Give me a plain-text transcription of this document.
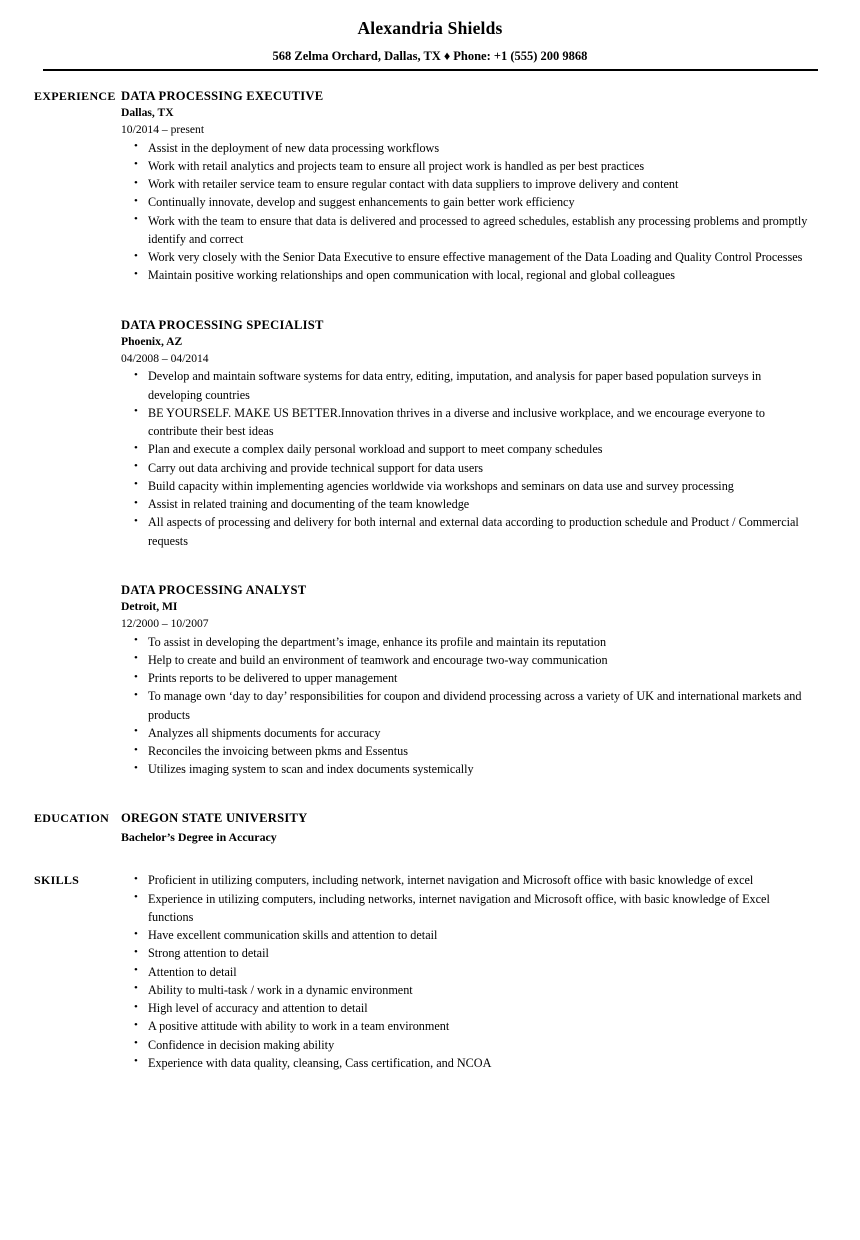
Alexandria Shields
568 Zelma Orchard, Dallas, TX ♦ Phone: +1 (555) 200 9868
EXPERIENCE DATA PROCESSING EXECUTIVE
Dallas, TX
10/2014 – present
• Assist in the deployment of new data processing workflows
• Work with retail analytics and projects team to ensure all project work is handled as per best practices
• Work with retailer service team to ensure regular contact with data suppliers to improve delivery and content
• Continually innovate, develop and suggest enhancements to gain better work efficiency
• Work with the team to ensure that data is delivered and processed to agreed schedules, establish any processing problems and promptly identify and correct
• Work very closely with the Senior Data Executive to ensure effective management of the Data Loading and Quality Control Processes
• Maintain positive working relationships and open communication with local, regional and global colleagues
DATA PROCESSING SPECIALIST
Phoenix, AZ
04/2008 – 04/2014
• Develop and maintain software systems for data entry, editing, imputation, and analysis for paper based population surveys in developing countries
• BE YOURSELF. MAKE US BETTER.Innovation thrives in a diverse and inclusive workplace, and we encourage everyone to contribute their best ideas
• Plan and execute a complex daily personal workload and support to meet company schedules
• Carry out data archiving and provide technical support for data users
• Build capacity within implementing agencies worldwide via workshops and seminars on data use and survey processing
• Assist in related training and documenting of the team knowledge
• All aspects of processing and delivery for both internal and external data according to production schedule and Product / Commercial requests
DATA PROCESSING ANALYST
Detroit, MI
12/2000 – 10/2007
• To assist in developing the department’s image, enhance its profile and maintain its reputation
• Help to create and build an environment of teamwork and encourage two-way communication
• Prints reports to be delivered to upper management
• To manage own ‘day to day’ responsibilities for coupon and dividend processing across a variety of UK and international markets and products
• Analyzes all shipments documents for accuracy
• Reconciles the invoicing between pkms and Essentus
• Utilizes imaging system to scan and index documents systemically
EDUCATION OREGON STATE UNIVERSITY
Bachelor’s Degree in Accuracy
SKILLS	• Proficient in utilizing computers, including network, internet navigation and Microsoft office with basic knowledge of excel
• Experience in utilizing computers, including networks, internet navigation and Microsoft office, with basic knowledge of Excel functions
• Have excellent communication skills and attention to detail
• Strong attention to detail
• Attention to detail
• Ability to multi-task / work in a dynamic environment
• High level of accuracy and attention to detail
• A positive attitude with ability to work in a team environment
• Confidence in decision making ability
• Experience with data quality, cleansing, Cass certification, and NCOA
